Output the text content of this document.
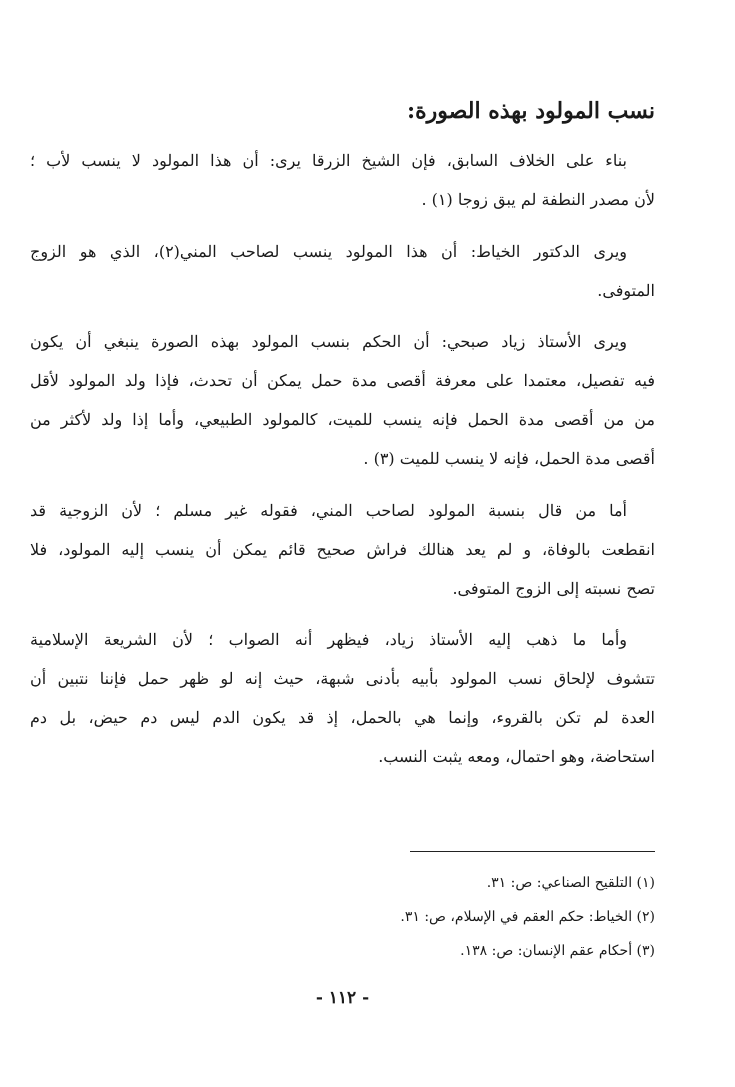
نسب المولود بهذه الصورة:
بناء على الخلاف السابق، فإن الشيخ الزرقا يرى: أن هذا المولود لا ينسب لأب ؛
لأن مصدر النطفة لم يبق زوجا (١) .
ويرى الدكتور الخياط: أن هذا المولود ينسب لصاحب المني(٢)، الذي هو الزوج
المتوفى.
ويرى الأستاذ زياد صبحي: أن الحكم بنسب المولود بهذه الصورة ينبغي أن يكون
فيه تفصيل، معتمدا على معرفة أقصى مدة حمل يمكن أن تحدث، فإذا ولد المولود لأقل
من من أقصى مدة الحمل فإنه ينسب للميت، كالمولود الطبيعي، وأما إذا ولد لأكثر من
أقصى مدة الحمل، فإنه لا ينسب للميت (٣) .
أما من قال بنسبة المولود لصاحب المني، فقوله غير مسلم ؛ لأن الزوجية قد
انقطعت بالوفاة، و لم يعد هنالك فراش صحيح قائم يمكن أن ينسب إليه المولود، فلا
تصح نسبته إلى الزوج المتوفى.
وأما ما ذهب إليه الأستاذ زياد، فيظهر أنه الصواب ؛ لأن الشريعة الإسلامية
تتشوف لإلحاق نسب المولود بأبيه بأدنى شبهة، حيث إنه لو ظهر حمل فإننا نتبين أن
العدة لم تكن بالقروء، وإنما هي بالحمل، إذ قد يكون الدم ليس دم حيض، بل دم
استحاضة، وهو احتمال، ومعه يثبت النسب.
(١) التلقيح الصناعي: ص: ٣١.
(٢) الخياط: حكم العقم في الإسلام، ص: ٣١.
(٣) أحكام عقم الإنسان: ص: ١٣٨.
- ١١٢ -
